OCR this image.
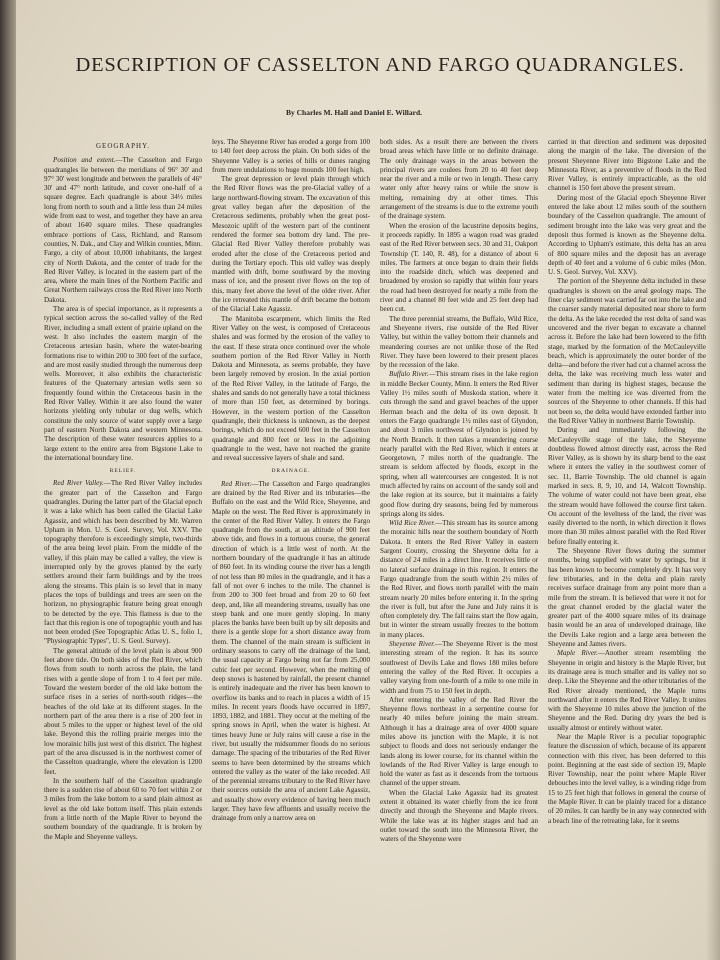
DESCRIPTION OF CASSELTON AND FARGO QUADRANGLES.
By Charles M. Hall and Daniel E. Willard.
GEOGRAPHY.

Position and extent.—The Casselton and Fargo quadrangles lie between the meridians of 96° 30' and 97° 30' west longitude and between the parallels of 46° 30' and 47° north latitude, and cover one-half of a square degree. Each quadrangle is about 34½ miles long from north to south and a little less than 24 miles wide from east to west, and together they have an area of about 1640 square miles. These quadrangles embrace portions of Cass, Richland, and Ransom counties, N. Dak., and Clay and Wilkin counties, Minn. Fargo, a city of about 10,000 inhabitants, the largest city of North Dakota, and the center of trade for the Red River Valley, is located in the eastern part of the area, where the main lines of the Northern Pacific and Great Northern railways cross the Red River into North Dakota.

The area is of special importance, as it represents a typical section across the so-called valley of the Red River, including a small extent of prairie upland on the west. It also includes the eastern margin of the Cretaceous artesian basin, where the water-bearing formations rise to within 200 to 300 feet of the surface, and are most easily studied through the numerous deep wells. Moreover, it also exhibits the characteristic features of the Quaternary artesian wells seen so frequently found within the Cretaceous basin in the Red River Valley. Within it are also found the water horizons yielding only tubular or dug wells, which constitute the only source of water supply over a large part of eastern North Dakota and western Minnesota. The description of these water resources applies to a large extent to the entire area from Bigstone Lake to the international boundary line.

RELIEF.

Red River Valley.—The Red River Valley includes the greater part of the Casselton and Fargo quadrangles. During the latter part of the Glacial epoch it was a lake which has been called the Glacial Lake Agassiz, and which has been described by Mr. Warren Upham in Mon. U. S. Geol. Survey, Vol. XXV. The topography therefore is exceedingly simple, two-thirds of the area being level plain. From the middle of the valley, if this plain may be called a valley, the view is interrupted only by the groves planted by the early settlers around their farm buildings and by the trees along the streams. This plain is so level that in many places the tops of buildings and trees are seen on the horizon, no physiographic feature being great enough to be detected by the eye. This flatness is due to the fact that this region is one of topographic youth and has not been eroded (See Topographic Atlas U. S., folio 1, "Physiographic Types", U. S. Geol. Survey).

The general altitude of the level plain is about 900 feet above tide. On both sides of the Red River, which flows from south to north across the plain, the land rises with a gentle slope of from 1 to 4 feet per mile. Toward the western border of the old lake bottom the surface rises in a series of north-south ridges—the beaches of the old lake at its different stages. In the northern part of the area there is a rise of 200 feet in about 5 miles to the upper or highest level of the old lake. Beyond this the rolling prairie merges into the low morainic hills just west of this district. The highest part of the area discussed is in the northwest corner of the Casselton quadrangle, where the elevation is 1200 feet.

In the southern half of the Casselton quadrangle there is a sudden rise of about 60 to 70 feet within 2 or 3 miles from the lake bottom to a sand plain almost as level as the old lake bottom itself. This plain extends from a little north of the Maple River to beyond the southern boundary of the quadrangle. It is broken by the Maple and Sheyenne valleys.

leys. The Sheyenne River has eroded a gorge from 100 to 140 feet deep across the plain. On both sides of the Sheyenne Valley is a series of hills or dunes ranging from mere undulations to huge mounds 100 feet high.

The great depression or level plain through which the Red River flows was the pre-Glacial valley of a large northward-flowing stream. The excavation of this great valley began after the deposition of the Cretaceous sediments, probably when the great post-Mesozoic uplift of the western part of the continent rendered the former sea bottom dry land. The pre-Glacial Red River Valley therefore probably was eroded after the close of the Cretaceous period and during the Tertiary epoch. This old valley was deeply mantled with drift, borne southward by the moving mass of ice, and the present river flows on the top of this, many feet above the level of the older river. After the ice retreated this mantle of drift became the bottom of the Glacial Lake Agassiz.

The Manitoba escarpment, which limits the Red River Valley on the west, is composed of Cretaceous shales and was formed by the erosion of the valley to the east. If these strata once continued over the whole southern portion of the Red River Valley in North Dakota and Minnesota, as seems probable, they have been largely removed by erosion. In the axial portion of the Red River Valley, in the latitude of Fargo, the shales and sands do not generally have a total thickness of more than 150 feet, as determined by borings. However, in the western portion of the Casselton quadrangle, their thickness is unknown, as the deepest borings, which do not exceed 600 feet in the Casselton quadrangle and 800 feet or less in the adjoining quadrangle to the west, have not reached the granite and reveal successive layers of shale and sand.

DRAINAGE.

Red River.—The Casselton and Fargo quadrangles are drained by the Red River and its tributaries—the Buffalo on the east and the Wild Rice, Sheyenne, and Maple on the west. The Red River is approximately in the center of the Red River Valley. It enters the Fargo quadrangle from the south, at an altitude of 900 feet above tide, and flows in a tortuous course, the general direction of which is a little west of north. At the northern boundary of the quadrangle it has an altitude of 860 feet. In its winding course the river has a length of not less than 80 miles in the quadrangle, and it has a fall of not over 6 inches to the mile. The channel is from 200 to 300 feet broad and from 20 to 60 feet deep, and, like all meandering streams, usually has one steep bank and one more gently sloping. In many places the banks have been built up by silt deposits and there is a gentle slope for a short distance away from them. The channel of the main stream is sufficient in ordinary seasons to carry off the drainage of the land, the usual capacity at Fargo being not far from 25,000 cubic feet per second. However, when the melting of deep snows is hastened by rainfall, the present channel is entirely inadequate and the river has been known to overflow its banks and to reach in places a width of 15 miles. In recent years floods have occurred in 1897, 1893, 1882, and 1881. They occur at the melting of the spring snows in April, when the water is highest. At times heavy June or July rains will cause a rise in the river, but usually the midsummer floods do no serious damage. The spacing of the tributaries of the Red River seems to have been determined by the streams which entered the valley as the water of the lake receded. All of the perennial streams tributary to the Red River have their sources outside the area of ancient Lake Agassiz, and usually show every evidence of having been much larger. They have few affluents and usually receive the drainage from only a narrow area on

both sides. As a result there are between the rivers broad areas which have little or no definite drainage. The only drainage ways in the areas between the principal rivers are coulees from 20 to 40 feet deep near the river and a mile or two in length. These carry water only after heavy rains or while the snow is melting, remaining dry at other times. This arrangement of the streams is due to the extreme youth of the drainage system.

When the erosion of the lacustrine deposits begins, it proceeds rapidly. In 1895 a wagon road was graded east of the Red River between secs. 30 and 31, Oakport Township (T. 140, R. 48), for a distance of about 6 miles. The farmers at once began to drain their fields into the roadside ditch, which was deepened and broadened by erosion so rapidly that within four years the road had been destroyed for nearly a mile from the river and a channel 80 feet wide and 25 feet deep had been cut.

The three perennial streams, the Buffalo, Wild Rice, and Sheyenne rivers, rise outside of the Red River Valley, but within the valley bottom their channels and meandering courses are not unlike those of the Red River. They have been lowered to their present places by the recession of the lake.

Buffalo River.—This stream rises in the lake region in middle Becker County, Minn. It enters the Red River Valley 1½ miles south of Muskoda station, where it cuts through the sand and gravel beaches of the upper Herman beach and the delta of its own deposit. It enters the Fargo quadrangle 1½ miles east of Glyndon, and about 3 miles northwest of Glyndon is joined by the North Branch. It then takes a meandering course nearly parallel with the Red River, which it enters at Georgetown, 7 miles north of the quadrangle. The stream is seldom affected by floods, except in the spring, when all watercourses are congested. It is not much affected by rains on account of the sandy soil and the lake region at its source, but it maintains a fairly good flow during dry seasons, being fed by numerous springs along its sides.

Wild Rice River.—This stream has its source among the morainic hills near the southern boundary of North Dakota. It enters the Red River Valley in eastern Sargent County, crossing the Sheyenne delta for a distance of 24 miles in a direct line. It receives little or no lateral surface drainage in this region. It enters the Fargo quadrangle from the south within 2½ miles of the Red River, and flows north parallel with the main stream nearly 20 miles before entering it. In the spring the river is full, but after the June and July rains it is often completely dry. The fall rains start the flow again, but in winter the stream usually freezes to the bottom in many places.

Sheyenne River.—The Sheyenne River is the most interesting stream of the region. It has its source southwest of Devils Lake and flows 180 miles before entering the valley of the Red River. It occupies a valley varying from one-fourth of a mile to one mile in width and from 75 to 150 feet in depth.

After entering the valley of the Red River the Sheyenne flows northeast in a serpentine course for nearly 40 miles before joining the main stream. Although it has a drainage area of over 4000 square miles above its junction with the Maple, it is not subject to floods and does not seriously endanger the lands along its lower course, for its channel within the lowlands of the Red River Valley is large enough to hold the water as fast as it descends from the tortuous channel of the upper stream.

When the Glacial Lake Agassiz had its greatest extent it obtained its water chiefly from the ice front directly and through the Sheyenne and Maple rivers. While the lake was at its higher stages and had an outlet toward the south into the Minnesota River, the waters of the Sheyenne were

carried in that direction and sediment was deposited along the margin of the lake. The diversion of the present Sheyenne River into Bigstone Lake and the Minnesota River, as a preventive of floods in the Red River Valley, is entirely impracticable, as the old channel is 150 feet above the present stream.

During most of the Glacial epoch Sheyenne River entered the lake about 12 miles south of the southern boundary of the Casselton quadrangle. The amount of sediment brought into the lake was very great and the deposit thus formed is known as the Sheyenne delta. According to Upham's estimate, this delta has an area of 800 square miles and the deposit has an average depth of 40 feet and a volume of 6 cubic miles (Mon. U. S. Geol. Survey, Vol. XXV).

The portion of the Sheyenne delta included in these quadrangles is shown on the areal geology maps. The finer clay sediment was carried far out into the lake and the coarser sandy material deposited near shore to form the delta. As the lake receded the rest delta of sand was uncovered and the river began to excavate a channel across it. Before the lake had been lowered to the fifth stage, marked by the formation of the McCauleyville beach, which is approximately the outer border of the delta—and before the river had cut a channel across the delta, the lake was receiving much less water and sediment than during its highest stages, because the water from the melting ice was diverted from the sources of the Sheyenne to other channels. If this had not been so, the delta would have extended farther into the Red River Valley in northwest Barrie Township.

During and immediately following the McCauleyville stage of the lake, the Sheyenne doubtless flowed almost directly east, across the Red River Valley, as is shown by its sharp bend to the east where it enters the valley in the southwest corner of sec. 11, Barrie Township. The old channel is again marked in secs. 8, 9, 10, and 14, Walcott Township. The volume of water could not have been great, else the stream would have followed the course first taken. On account of the levelness of the land, the river was easily diverted to the north, in which direction it flows more than 30 miles almost parallel with the Red River before finally entering it.

The Sheyenne River flows during the summer months, being supplied with water by springs, but it has been known to become completely dry. It has very few tributaries, and in the delta and plain rarely receives surface drainage from any point more than a mile from the stream. It is believed that were it not for the great channel eroded by the glacial water the greater part of the 4000 square miles of its drainage basin would be an area of undeveloped drainage, like the Devils Lake region and a large area between the Sheyenne and James rivers.

Maple River.—Another stream resembling the Sheyenne in origin and history is the Maple River, but its drainage area is much smaller and its valley not so deep. Like the Sheyenne and the other tributaries of the Red River already mentioned, the Maple turns northward after it enters the Red River Valley. It unites with the Sheyenne 10 miles above the junction of the Sheyenne and the Red. During dry years the bed is usually almost or entirely without water.

Near the Maple River is a peculiar topographic feature the discussion of which, because of its apparent connection with this river, has been deferred to this point. Beginning at the east side of section 19, Maple River Township, near the point where Maple River debouches into the level valley, is a winding ridge from 15 to 25 feet high that follows in general the course of the Maple River. It can be plainly traced for a distance of 20 miles. It can hardly be in any way connected with a beach line of the retreating lake, for it seems
